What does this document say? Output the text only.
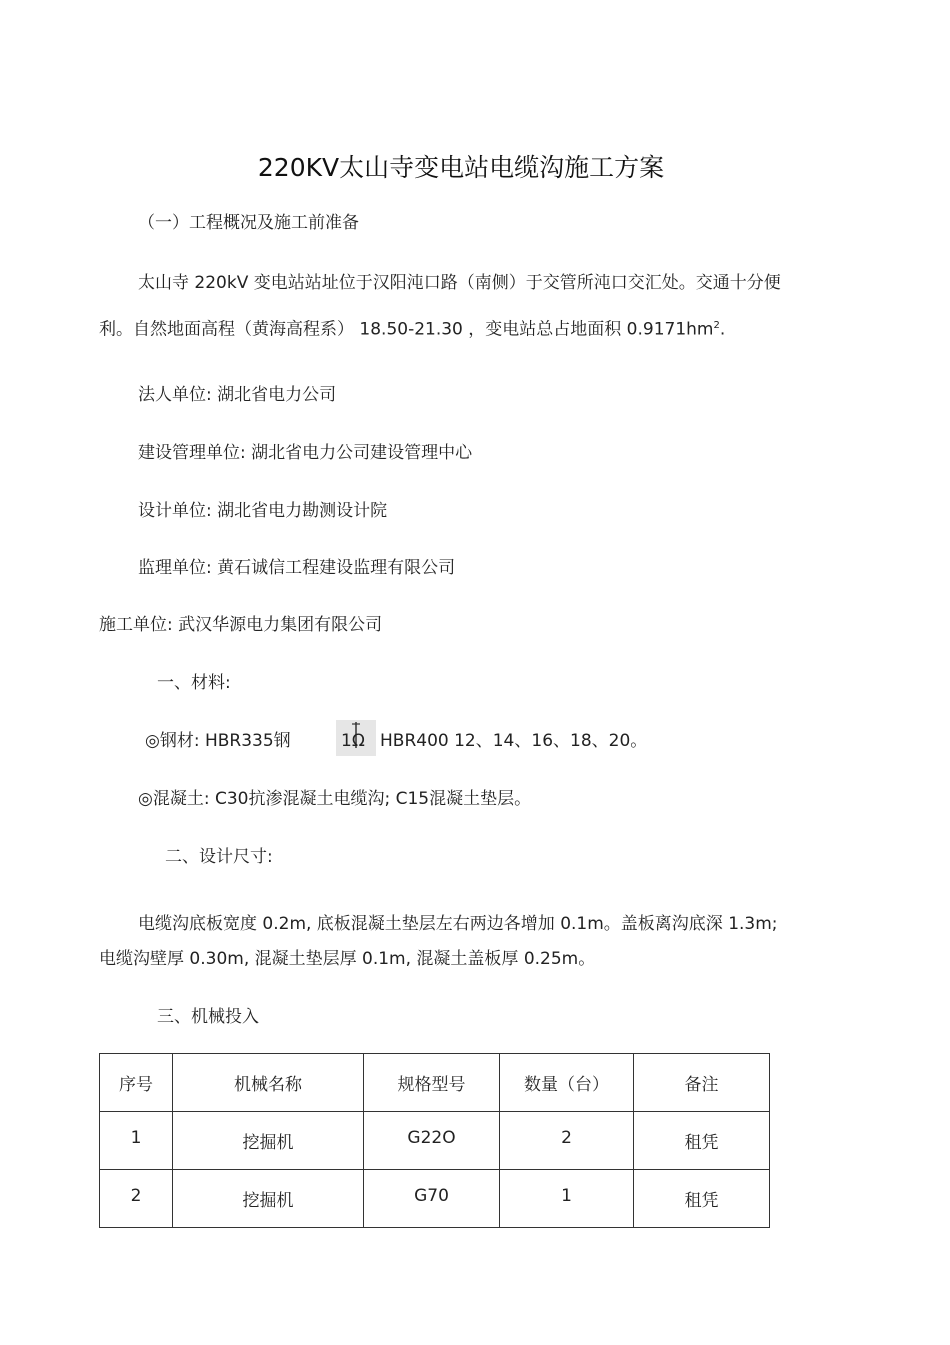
220KV太山寺变电站电缆沟施工方案
（一）工程概况及施工前准备
太山寺 220kV 变电站站址位于汉阳沌口路（南侧）于交管所沌口交汇处。交通十分便
利。自然地面高程（黄海高程系） 18.50-21.30 ，变电站总占地面积 $0.9171hm^2$.
法人单位: 湖北省电力公司
建设管理单位: 湖北省电力公司建设管理中心
设计单位: 湖北省电力勘测设计院
监理单位: 黄石诚信工程建设监理有限公司
施工单位: 武汉华源电力集团有限公司
一、材料:
◎钢材: HBR335钢	1Ω HBR400 12、14、16、18、20。
◎混凝土: C30抗渗混凝土电缆沟; C15混凝土垫层。
二、设计尺寸:
电缆沟底板宽度 0.2m, 底板混凝土垫层左右两边各增加 0.1m。盖板离沟底深 1.3m;
电缆沟壁厚 0.30m, 混凝土垫层厚 0.1m, 混凝土盖板厚 0.25m。
三、机械投入
序号	机械名称	规格型号	数量（台）	备注
1	挖掘机	G22O	2	租凭
2	挖掘机	G70	1	租凭
